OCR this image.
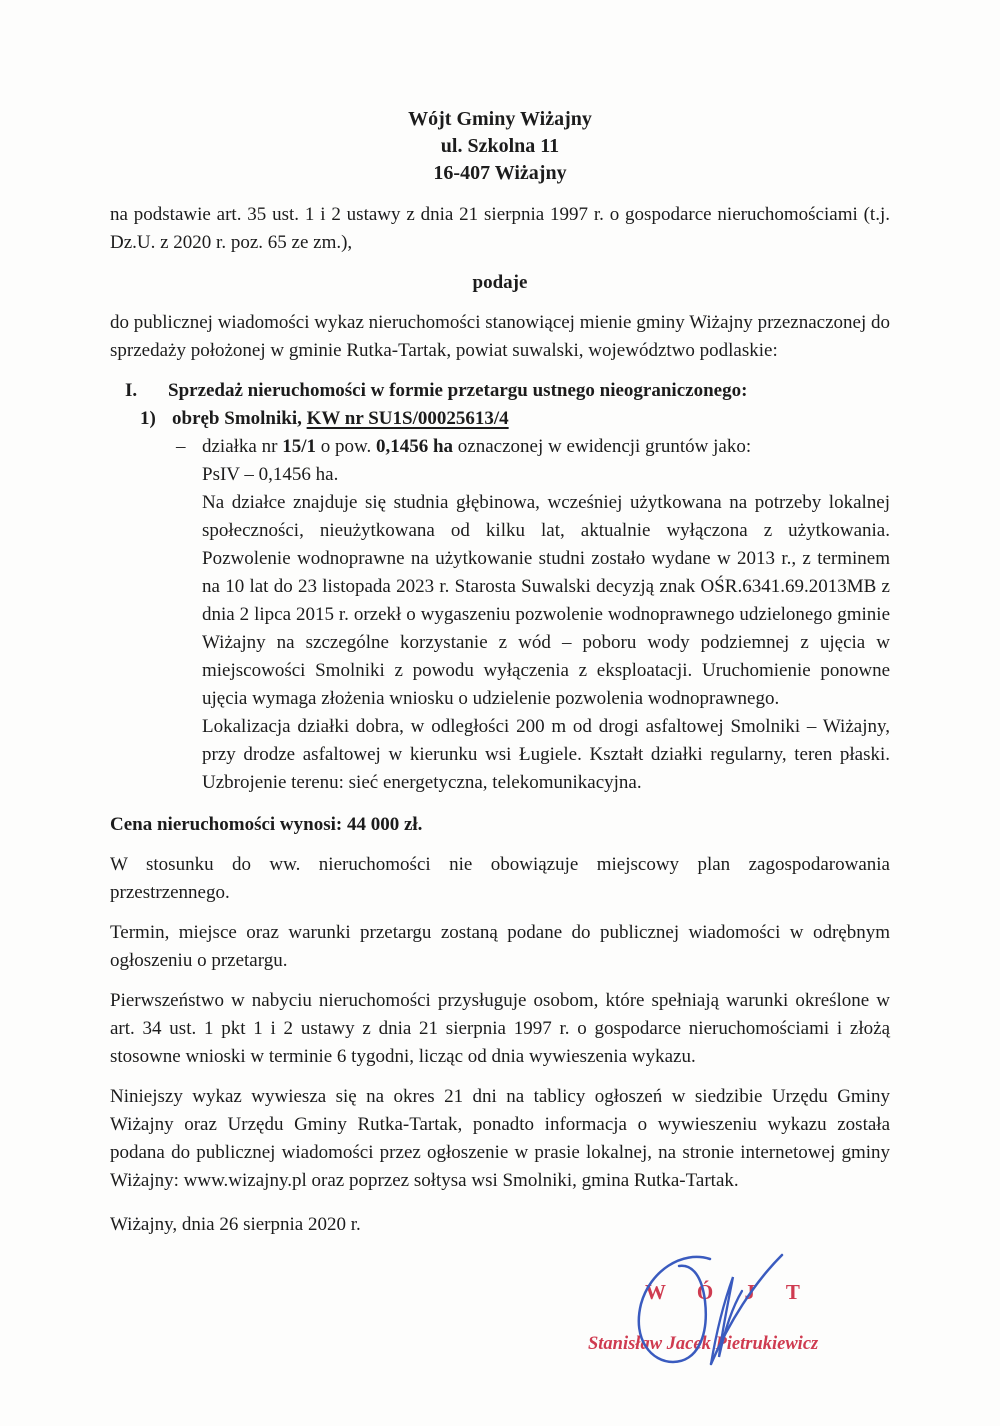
Wójt Gminy Wiżajny
ul. Szkolna 11
16-407 Wiżajny

na podstawie art. 35 ust. 1 i 2 ustawy z dnia 21 sierpnia 1997 r. o gospodarce nieruchomościami (t.j. Dz.U. z 2020 r. poz. 65 ze zm.),

podaje

do publicznej wiadomości wykaz nieruchomości stanowiącej mienie gminy Wiżajny przeznaczonej do sprzedaży położonej w gminie Rutka-Tartak, powiat suwalski, województwo podlaskie:

I.	Sprzedaż nieruchomości w formie przetargu ustnego nieograniczonego:
1) obręb Smolniki, KW nr SU1S/00025613/4
– działka nr 15/1 o pow. 0,1456 ha oznaczonej w ewidencji gruntów jako:
PsIV – 0,1456 ha.

Na działce znajduje się studnia głębinowa, wcześniej użytkowana na potrzeby lokalnej społeczności, nieużytkowana od kilku lat, aktualnie wyłączona z użytkowania. Pozwolenie wodnoprawne na użytkowanie studni zostało wydane w 2013 r., z terminem na 10 lat do 23 listopada 2023 r. Starosta Suwalski decyzją znak OŚR.6341.69.2013MB z dnia 2 lipca 2015 r. orzekł o wygaszeniu pozwolenie wodnoprawnego udzielonego gminie Wiżajny na szczególne korzystanie z wód – poboru wody podziemnej z ujęcia w miejscowości Smolniki z powodu wyłączenia z eksploatacji. Uruchomienie ponowne ujęcia wymaga złożenia wniosku o udzielenie pozwolenia wodnoprawnego.

Lokalizacja działki dobra, w odległości 200 m od drogi asfaltowej Smolniki – Wiżajny, przy drodze asfaltowej w kierunku wsi Ługiele. Kształt działki regularny, teren płaski. Uzbrojenie terenu: sieć energetyczna, telekomunikacyjna.

Cena nieruchomości wynosi: 44 000 zł.

W stosunku do ww. nieruchomości nie obowiązuje miejscowy plan zagospodarowania przestrzennego.

Termin, miejsce oraz warunki przetargu zostaną podane do publicznej wiadomości w odrębnym ogłoszeniu o przetargu.

Pierwszeństwo w nabyciu nieruchomości przysługuje osobom, które spełniają warunki określone w art. 34 ust. 1 pkt 1 i 2 ustawy z dnia 21 sierpnia 1997 r. o gospodarce nieruchomościami i złożą stosowne wnioski w terminie 6 tygodni, licząc od dnia wywieszenia wykazu.

Niniejszy wykaz wywiesza się na okres 21 dni na tablicy ogłoszeń w siedzibie Urzędu Gminy Wiżajny oraz Urzędu Gminy Rutka-Tartak, ponadto informacja o wywieszeniu wykazu została podana do publicznej wiadomości przez ogłoszenie w prasie lokalnej, na stronie internetowej gminy Wiżajny: www.wizajny.pl oraz poprzez sołtysa wsi Smolniki, gmina Rutka-Tartak.

Wiżajny, dnia 26 sierpnia 2020 r.
W Ó J T
Stanisław Jacek Pietrukiewicz
